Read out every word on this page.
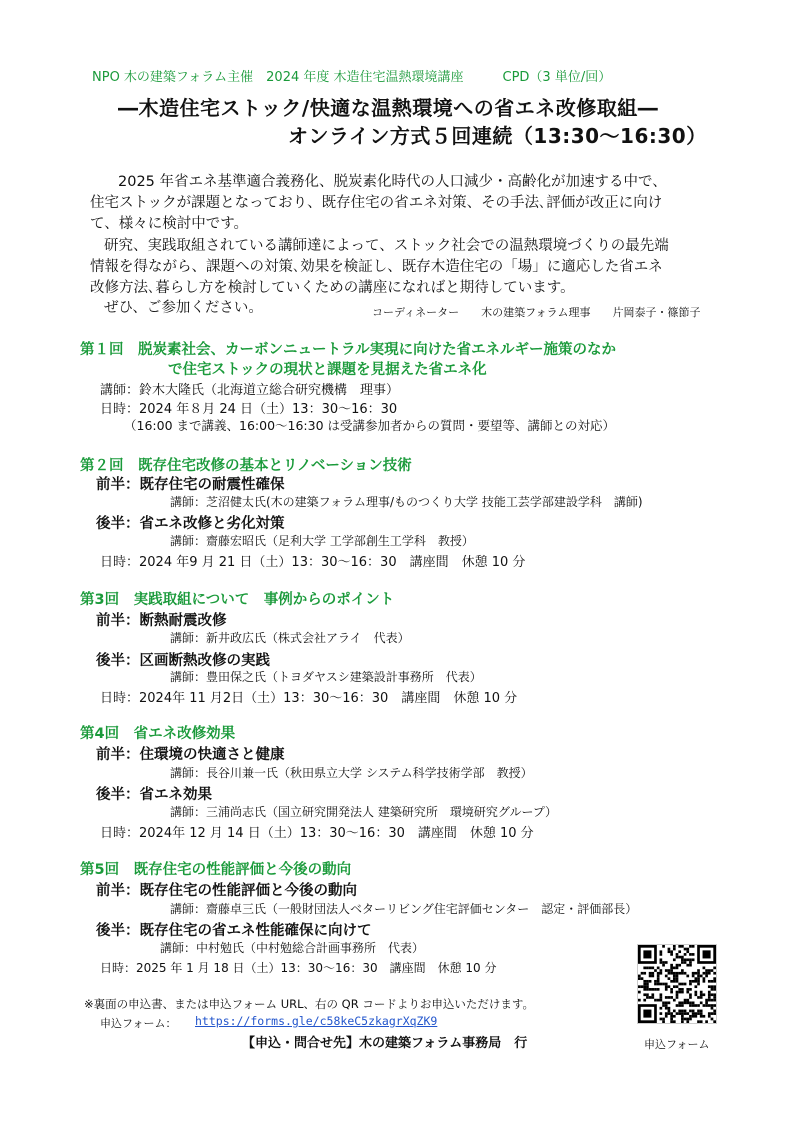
NPO 木の建築フォラム主催　2024 年度 木造住宅温熱環境講座　　　CPD（3 単位/回）
―木造住宅ストック/快適な温熱環境への省エネ改修取組―
オンライン方式５回連続（13:30～16:30）
2025 年省エネ基準適合義務化、脱炭素化時代の人口減少・高齢化が加速する中で、
住宅ストックが課題となっており、既存住宅の省エネ対策、その手法､評価が改正に向け
て、様々に検討中です。
研究、実践取組されている講師達によって、ストック社会での温熱環境づくりの最先端
情報を得ながら、課題への対策､効果を検証し、既存木造住宅の「場」に適応した省エネ
改修方法､暮らし方を検討していくための講座になればと期待しています。
ぜひ、ご参加ください。	コーディネーター　　木の建築フォラム理事　　片岡泰子・篠節子
第１回　脱炭素社会、カーボンニュートラル実現に向けた省エネルギー施策のなか
で住宅ストックの現状と課題を見据えた省エネ化
講師：鈴木大隆氏（北海道立総合研究機構　理事）
日時：2024 年８月 24 日（土）13：30～16：30
（16:00 まで講義、16:00～16:30 は受講参加者からの質問・要望等、講師との対応）
第２回　既存住宅改修の基本とリノベーション技術
前半：既存住宅の耐震性確保
講師：芝沼健太氏(木の建築フォラム理事/ものつくり大学 技能工芸学部建設学科　講師)
後半：省エネ改修と劣化対策
講師：齋藤宏昭氏（足利大学 工学部創生工学科　教授）
日時：2024 年9 月 21 日（土）13：30～16：30　講座間　休憩 10 分
第3回　実践取組について　事例からのポイント
前半：断熱耐震改修
講師：新井政広氏（株式会社アライ　代表）
後半：区画断熱改修の実践
講師：豊田保之氏（トヨダヤスシ建築設計事務所　代表）
日時：2024年 11 月2日（土）13：30～16：30　講座間　休憩 10 分
第4回　省エネ改修効果
前半：住環境の快適さと健康
講師：長谷川兼一氏（秋田県立大学 システム科学技術学部　教授）
後半：省エネ効果
講師：三浦尚志氏（国立研究開発法人 建築研究所　環境研究グループ）
日時：2024年 12 月 14 日（土）13：30～16：30　講座間　休憩 10 分
第5回　既存住宅の性能評価と今後の動向
前半：既存住宅の性能評価と今後の動向
講師：齋藤卓三氏（一般財団法人ベターリビング住宅評価センター　認定・評価部長）
後半：既存住宅の省エネ性能確保に向けて
講師：中村勉氏（中村勉総合計画事務所　代表）
日時：2025 年 1 月 18 日（土）13：30～16：30　講座間　休憩 10 分
※裏面の申込書、または申込フォーム URL、右の QR コードよりお申込いただけます。
申込フォーム： https://forms.gle/c58keC5zkagrXqZK9
【申込・問合せ先】木の建築フォラム事務局　行	申込フォーム
